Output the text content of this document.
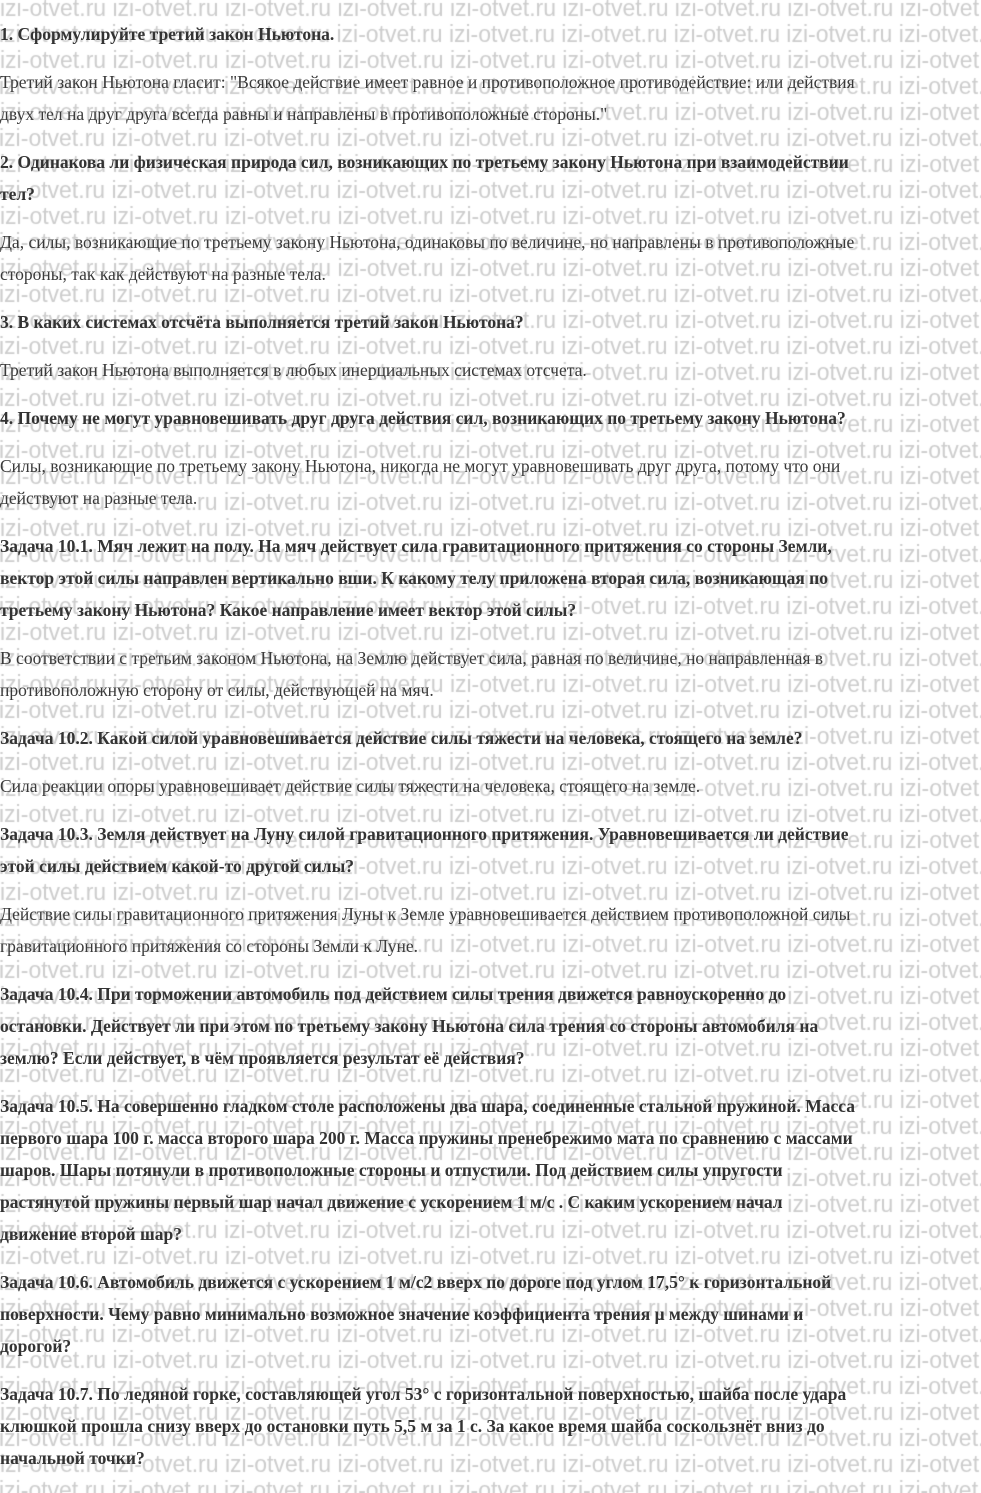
1. Сформулируйте третий закон Ньютона.
Третий закон Ньютона гласит: "Всякое действие имеет равное и противоположное противодействие: или действия
двух тел на друг друга всегда равны и направлены в противоположные стороны."
2. Одинакова ли физическая природа сил, возникающих по третьему закону Ньютона при взаимодействии
тел?
Да, силы, возникающие по третьему закону Ньютона, одинаковы по величине, но направлены в противоположные
стороны, так как действуют на разные тела.
3. В каких системах отсчёта выполняется третий закон Ньютона?
Третий закон Ньютона выполняется в любых инерциальных системах отсчета.
4. Почему не могут уравновешивать друг друга действия сил, возникающих по третьему закону Ньютона?
Силы, возникающие по третьему закону Ньютона, никогда не могут уравновешивать друг друга, потому что они
действуют на разные тела.
Задача 10.1. Мяч лежит на полу. На мяч действует сила гравитационного притяжения со стороны Земли,
вектор этой силы направлен вертикально вши. К какому телу приложена вторая сила, возникающая по
третьему закону Ньютона? Какое направление имеет вектор этой силы?
В соответствии с третьим законом Ньютона, на Землю действует сила, равная по величине, но направленная в
противоположную сторону от силы, действующей на мяч.
Задача 10.2. Какой силой уравновешивается действие силы тяжести на человека, стоящего на земле?
Сила реакции опоры уравновешивает действие силы тяжести на человека, стоящего на земле.
Задача 10.3. Земля действует на Луну силой гравитационного притяжения. Уравновешивается ли действие
этой силы действием какой-то другой силы?
Действие силы гравитационного притяжения Луны к Земле уравновешивается действием противоположной силы
гравитационного притяжения со стороны Земли к Луне.
Задача 10.4. При торможении автомобиль под действием силы трения движется равноускоренно до
остановки. Действует ли при этом по третьему закону Ньютона сила трения со стороны автомобиля на
землю? Если действует, в чём проявляется результат её действия?
Задача 10.5. На совершенно гладком столе расположены два шара, соединенные стальной пружиной. Масса
первого шара 100 г. масса второго шара 200 г. Масса пружины пренебрежимо мата по сравнению с массами
шаров. Шары потянули в противоположные стороны и отпустили. Под действием силы упругости
растянутой пружины первый шар начал движение с ускорением 1 м/с . С каким ускорением начал
движение второй шар?
Задача 10.6. Автомобиль движется с ускорением 1 м/с2 вверх по дороге под углом 17,5° к горизонтальной
поверхности. Чему равно минимально возможное значение коэффициента трения μ между шинами и
дорогой?
Задача 10.7. По ледяной горке, составляющей угол 53° с горизонтальной поверхностью, шайба после удара
клюшкой прошла снизу вверх до остановки путь 5,5 м за 1 с. За какое время шайба соскользнёт вниз до
начальной точки?
